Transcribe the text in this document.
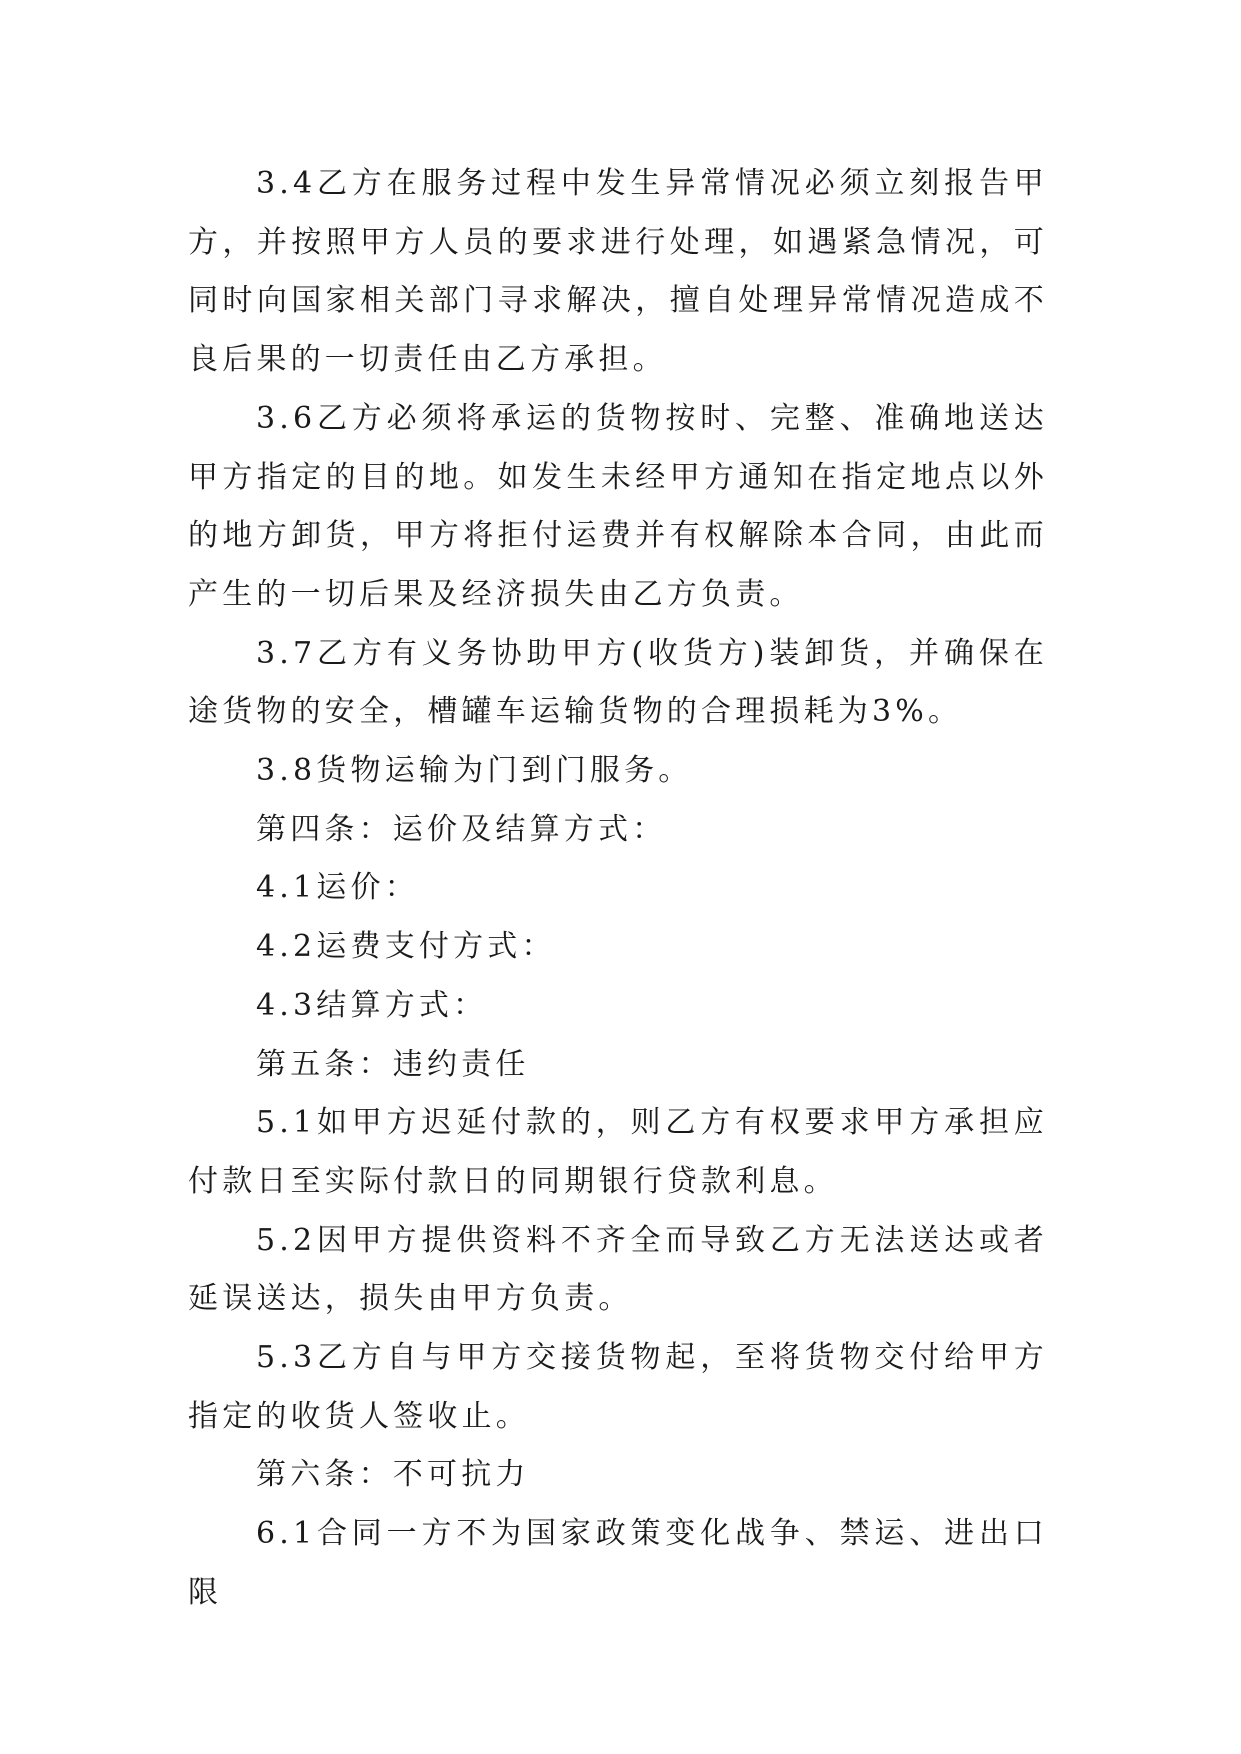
3.4乙方在服务过程中发生异常情况必须立刻报告甲方，并按照甲方人员的要求进行处理，如遇紧急情况，可同时向国家相关部门寻求解决，擅自处理异常情况造成不良后果的一切责任由乙方承担。

3.6乙方必须将承运的货物按时、完整、准确地送达甲方指定的目的地。如发生未经甲方通知在指定地点以外的地方卸货，甲方将拒付运费并有权解除本合同，由此而产生的一切后果及经济损失由乙方负责。

3.7乙方有义务协助甲方(收货方)装卸货，并确保在途货物的安全，槽罐车运输货物的合理损耗为3%。

3.8货物运输为门到门服务。

第四条：运价及结算方式：

4.1运价：

4.2运费支付方式：

4.3结算方式：

第五条：违约责任

5.1如甲方迟延付款的，则乙方有权要求甲方承担应付款日至实际付款日的同期银行贷款利息。

5.2因甲方提供资料不齐全而导致乙方无法送达或者延误送达，损失由甲方负责。

5.3乙方自与甲方交接货物起，至将货物交付给甲方指定的收货人签收止。

第六条：不可抗力

6.1合同一方不为国家政策变化战争、禁运、进出口限
